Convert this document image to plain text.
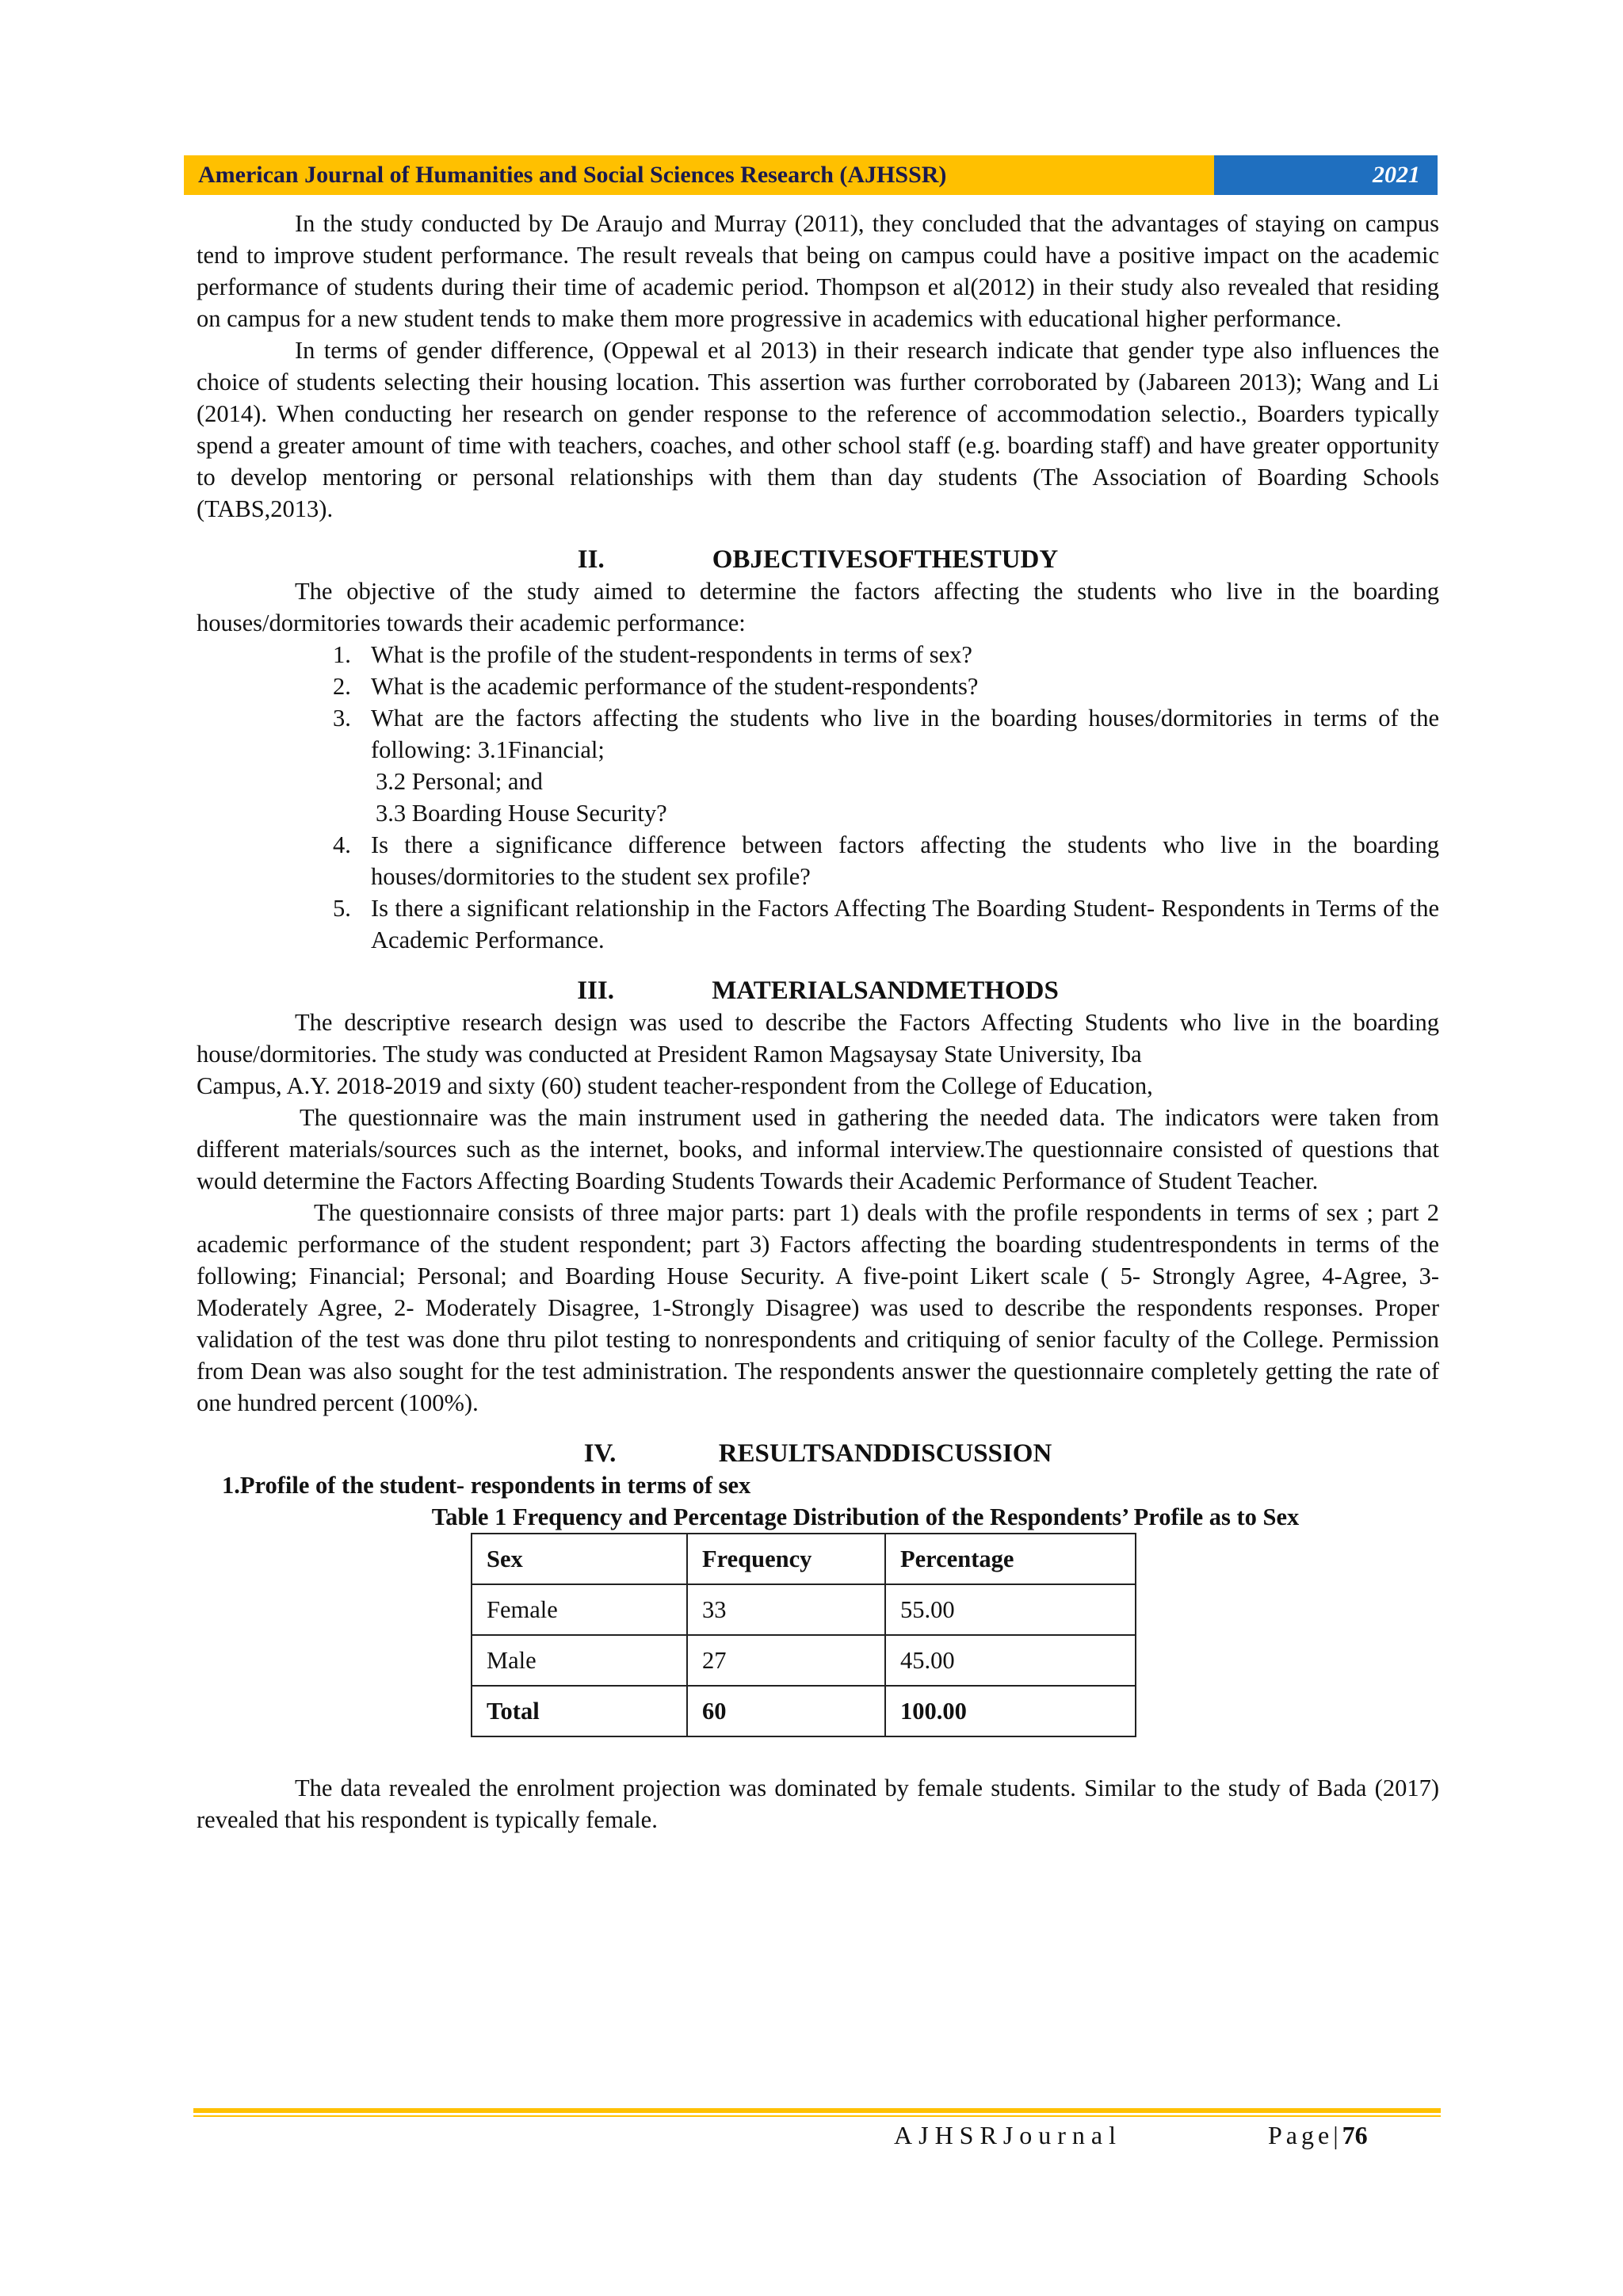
American Journal of Humanities and Social Sciences Research (AJHSSR)	2021

In the study conducted by De Araujo and Murray (2011), they concluded that the advantages of staying on campus tend to improve student performance. The result reveals that being on campus could have a positive impact on the academic performance of students during their time of academic period. Thompson et al(2012) in their study also revealed that residing on campus for a new student tends to make them more progressive in academics with educational higher performance.

In terms of gender difference, (Oppewal et al 2013) in their research indicate that gender type also influences the choice of students selecting their housing location. This assertion was further corroborated by (Jabareen 2013); Wang and Li (2014). When conducting her research on gender response to the reference of accommodation selectio., Boarders typically spend a greater amount of time with teachers, coaches, and other school staff (e.g. boarding staff) and have greater opportunity to develop mentoring or personal relationships with them than day students (The Association of Boarding Schools (TABS,2013).

II.	OBJECTIVESOFTHESTUDY

The objective of the study aimed to determine the factors affecting the students who live in the boarding houses/dormitories towards their academic performance:

1. What is the profile of the student-respondents in terms of sex?
2. What is the academic performance of the student-respondents?
3. What are the factors affecting the students who live in the boarding houses/dormitories in terms of the following: 3.1Financial;
3.2 Personal; and
3.3 Boarding House Security?
4. Is there a significance difference between factors affecting the students who live in the boarding houses/dormitories to the student sex profile?
5. Is there a significant relationship in the Factors Affecting The Boarding Student- Respondents in Terms of the Academic Performance.
III.	MATERIALSANDMETHODS

The descriptive research design was used to describe the Factors Affecting Students who live in the boarding house/dormitories. The study was conducted at President Ramon Magsaysay State University, Iba

Campus, A.Y. 2018-2019 and sixty (60) student teacher-respondent from the College of Education,

The questionnaire was the main instrument used in gathering the needed data. The indicators were taken from different materials/sources such as the internet, books, and informal interview.The questionnaire consisted of questions that would determine the Factors Affecting Boarding Students Towards their Academic Performance of Student Teacher.

The questionnaire consists of three major parts: part 1) deals with the profile respondents in terms of sex ; part 2 academic performance of the student respondent; part 3) Factors affecting the boarding studentrespondents in terms of the following; Financial; Personal; and Boarding House Security. A five-point Likert scale ( 5- Strongly Agree, 4-Agree, 3-Moderately Agree, 2- Moderately Disagree, 1-Strongly Disagree) was used to describe the respondents responses. Proper validation of the test was done thru pilot testing to nonrespondents and critiquing of senior faculty of the College. Permission from Dean was also sought for the test administration. The respondents answer the questionnaire completely getting the rate of one hundred percent (100%).

IV.	RESULTSANDDISCUSSION

1.Profile of the student- respondents in terms of sex

Table 1 Frequency and Percentage Distribution of the Respondents’ Profile as to Sex

Sex	Frequency	Percentage
Female	33	55.00
Male	27	45.00
Total	60	100.00

The data revealed the enrolment projection was dominated by female students. Similar to the study of Bada (2017) revealed that his respondent is typically female.

AJHSRJournal	Page|76
